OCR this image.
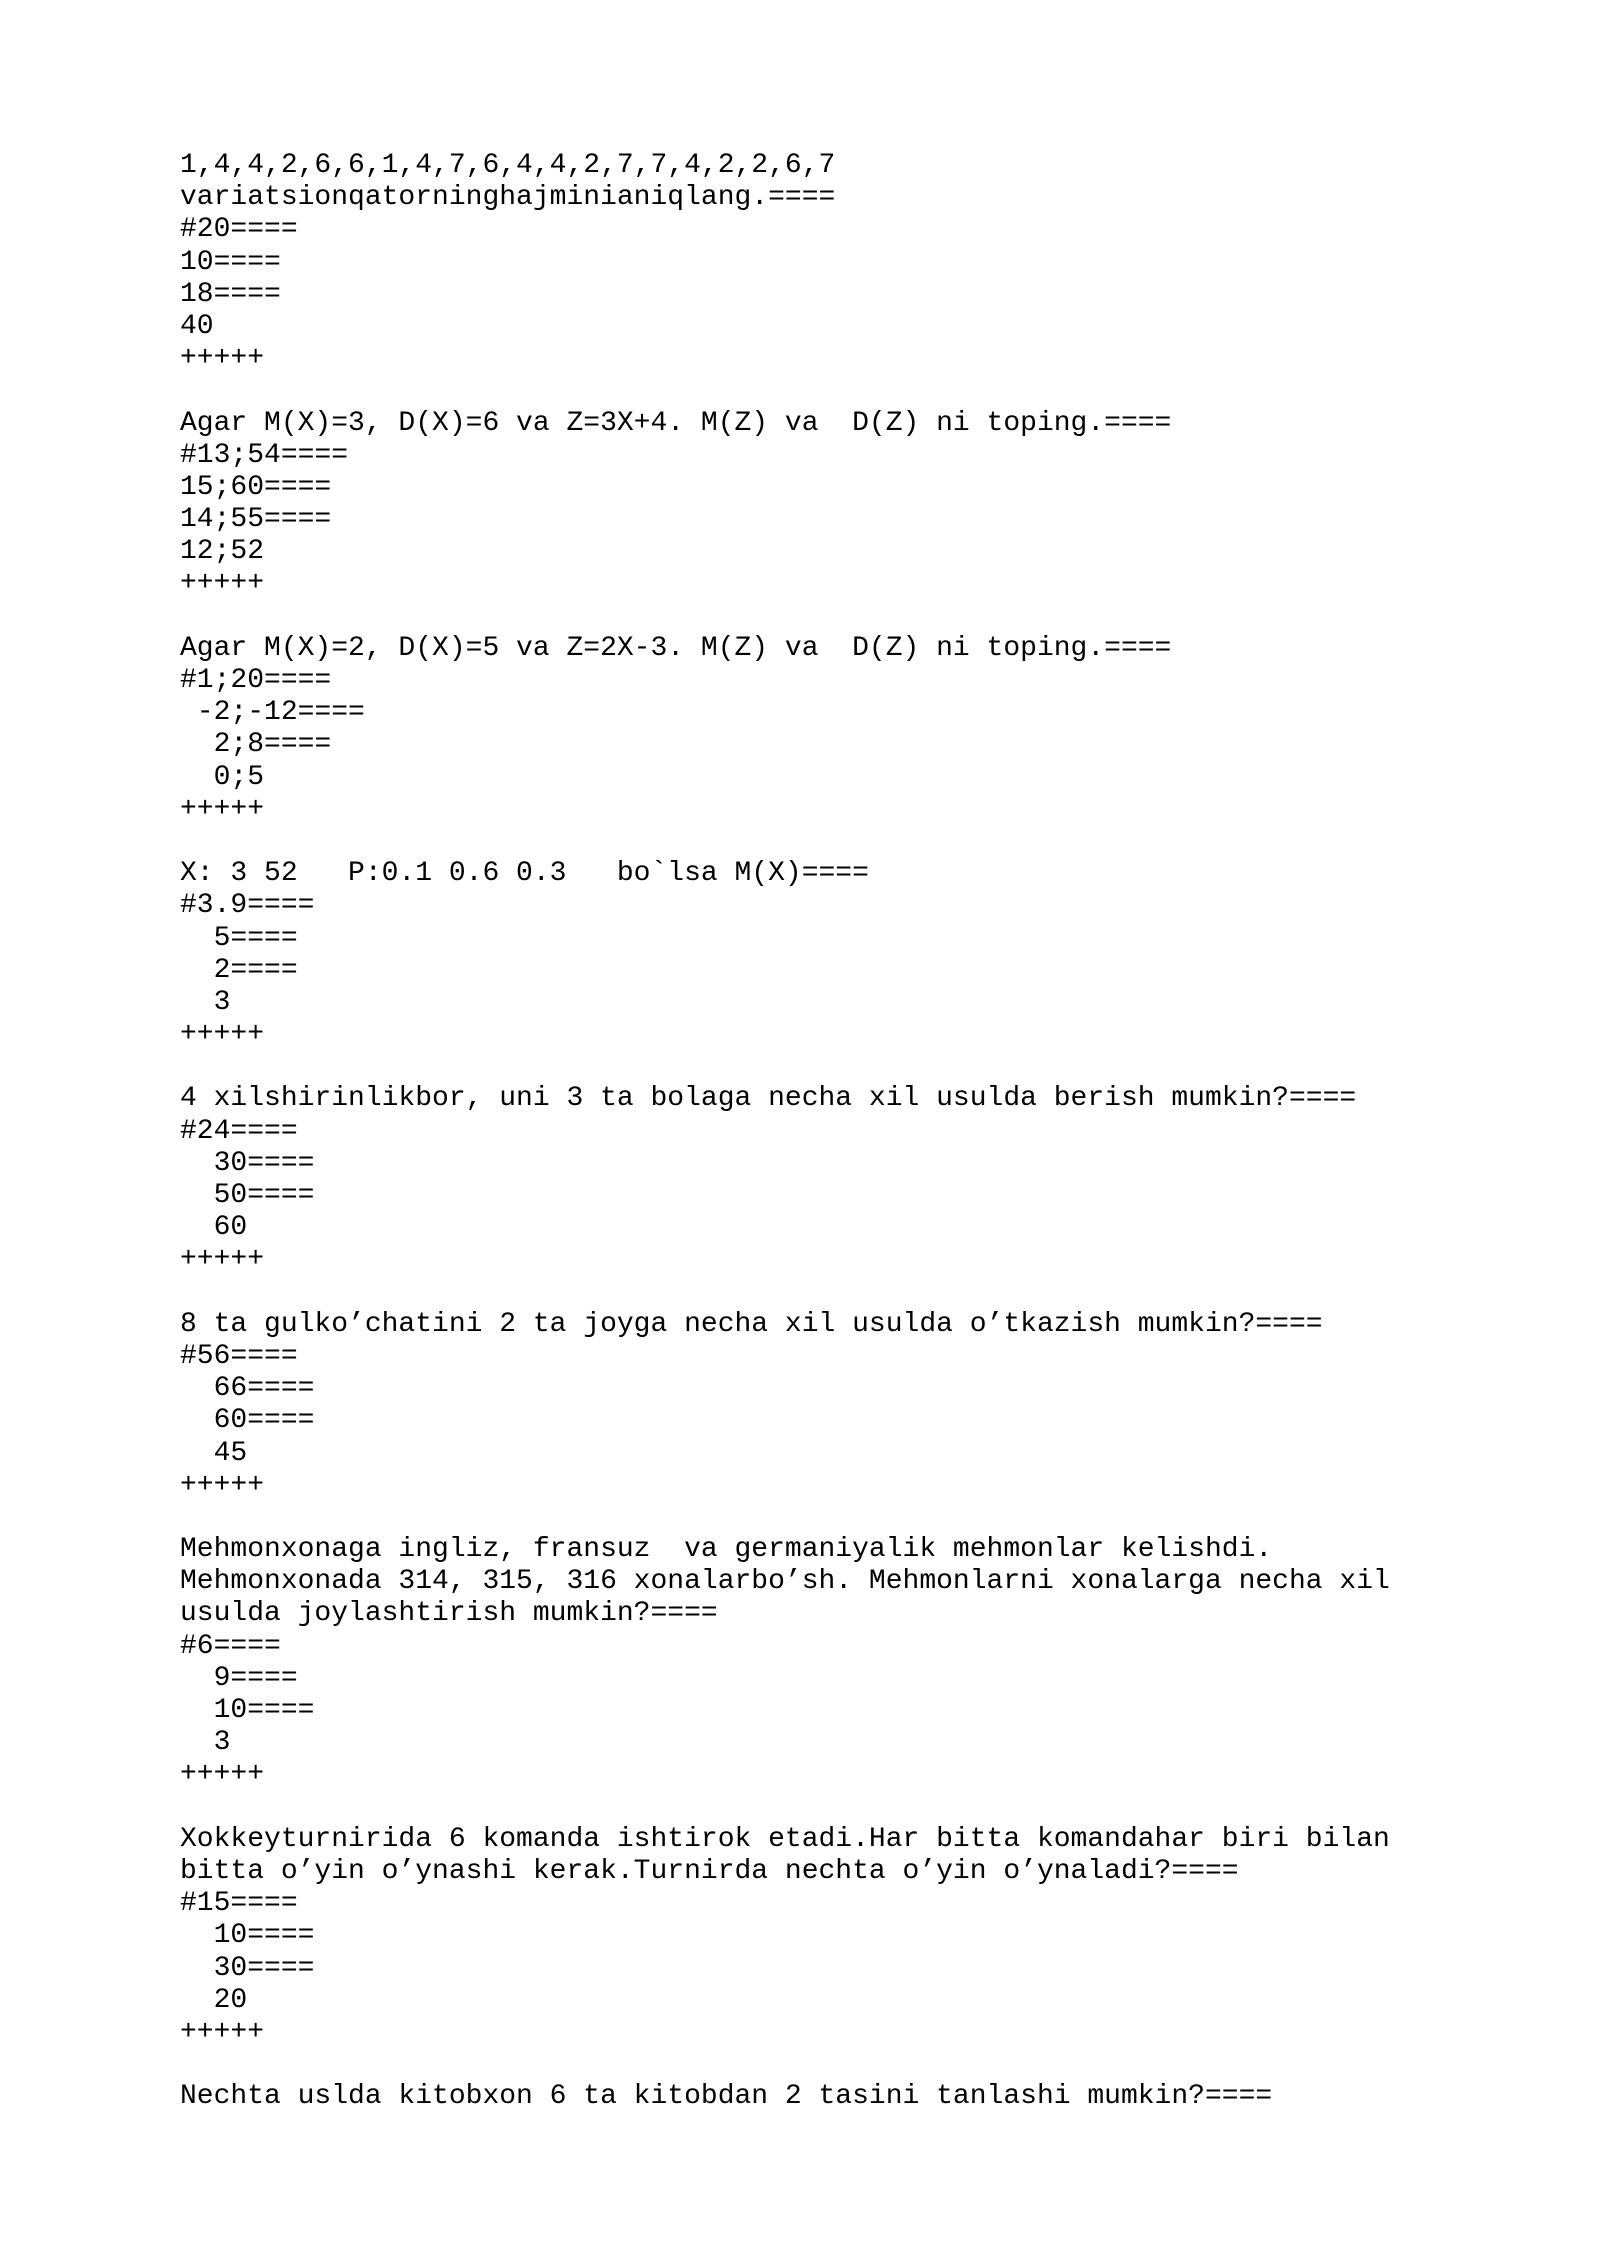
1,4,4,2,6,6,1,4,7,6,4,4,2,7,7,4,2,2,6,7
variatsionqatorninghajminianiqlang.====
#20====
10====
18====
40
+++++
Agar M(X)=3, D(X)=6 va Z=3X+4. M(Z) va  D(Z) ni toping.====
#13;54====
15;60====
14;55====
12;52
+++++
Agar M(X)=2, D(X)=5 va Z=2X-3. M(Z) va  D(Z) ni toping.====
#1;20====
-2;-12====
2;8====
0;5
+++++
X: 3 52   P:0.1 0.6 0.3   bo`lsa M(X)====
#3.9====
5====
2====
3
+++++
4 xilshirinlikbor, uni 3 ta bolaga necha xil usulda berish mumkin?====
#24====
30====
50====
60
+++++
8 ta gulko’chatini 2 ta joyga necha xil usulda o’tkazish mumkin?====
#56====
66====
60====
45
+++++
Mehmonxonaga ingliz, fransuz  va germaniyalik mehmonlar kelishdi.
Mehmonxonada 314, 315, 316 xonalarbo’sh. Mehmonlarni xonalarga necha xil
usulda joylashtirish mumkin?====
#6====
9====
10====
3
+++++
Xokkeyturnirida 6 komanda ishtirok etadi.Har bitta komandahar biri bilan
bitta o’yin o’ynashi kerak.Turnirda nechta o’yin o’ynaladi?====
#15====
10====
30====
20
+++++
Nechta uslda kitobxon 6 ta kitobdan 2 tasini tanlashi mumkin?====
